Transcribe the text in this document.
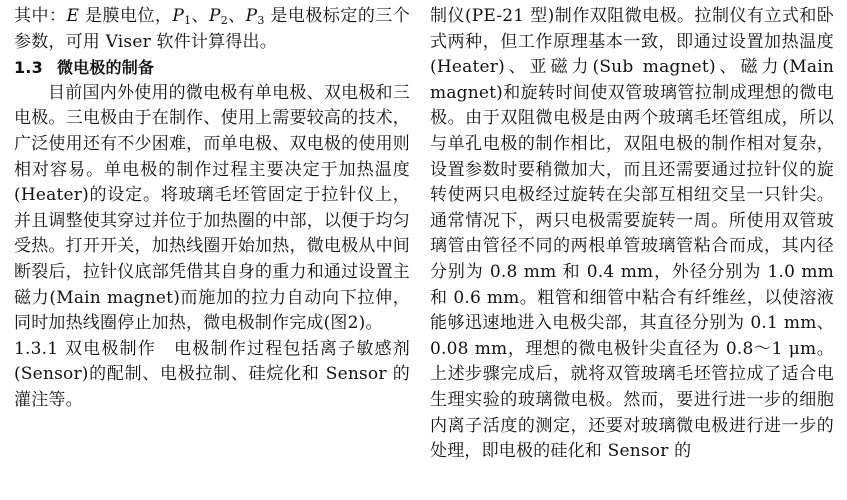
其中：E 是膜电位，$P_1$、$P_2$、$P_3$ 是电极标定的三个参数，可用 Viser 软件计算得出。

1.3 微电极的制备

目前国内外使用的微电极有单电极、双电极和三电极。三电极由于在制作、使用上需要较高的技术，广泛使用还有不少困难，而单电极、双电极的使用则相对容易。单电极的制作过程主要决定于加热温度(Heater)的设定。将玻璃毛坯管固定于拉针仪上，并且调整使其穿过并位于加热圈的中部，以便于均匀受热。打开开关，加热线圈开始加热，微电极从中间断裂后，拉针仪底部凭借其自身的重力和通过设置主磁力(Main magnet)而施加的拉力自动向下拉伸，同时加热线圈停止加热，微电极制作完成(图2)。

1.3.1 双电极制作 电极制作过程包括离子敏感剂(Sensor)的配制、电极拉制、硅烷化和 Sensor 的灌注等。

制仪(PE-21 型)制作双阻微电极。拉制仪有立式和卧式两种，但工作原理基本一致，即通过设置加热温度(Heater)、亚磁力(Sub magnet)、磁力(Main magnet)和旋转时间使双管玻璃管拉制成理想的微电极。由于双阻微电极是由两个玻璃毛坯管组成，所以与单孔电极的制作相比，双阻电极的制作相对复杂，设置参数时要稍微加大，而且还需要通过拉针仪的旋转使两只电极经过旋转在尖部互相纽交呈一只针尖。通常情况下，两只电极需要旋转一周。所使用双管玻璃管由管径不同的两根单管玻璃管粘合而成，其内径分别为 0.8 mm 和 0.4 mm，外径分别为 1.0 mm 和 0.6 mm。粗管和细管中粘合有纤维丝，以使溶液能够迅速地进入电极尖部，其直径分别为 0.1 mm、0.08 mm，理想的微电极针尖直径为 0.8～1 μm。上述步骤完成后，就将双管玻璃毛坯管拉成了适合电生理实验的玻璃微电极。然而，要进行进一步的细胞内离子活度的测定，还要对玻璃微电极进行进一步的处理，即电极的硅化和 Sensor 的
